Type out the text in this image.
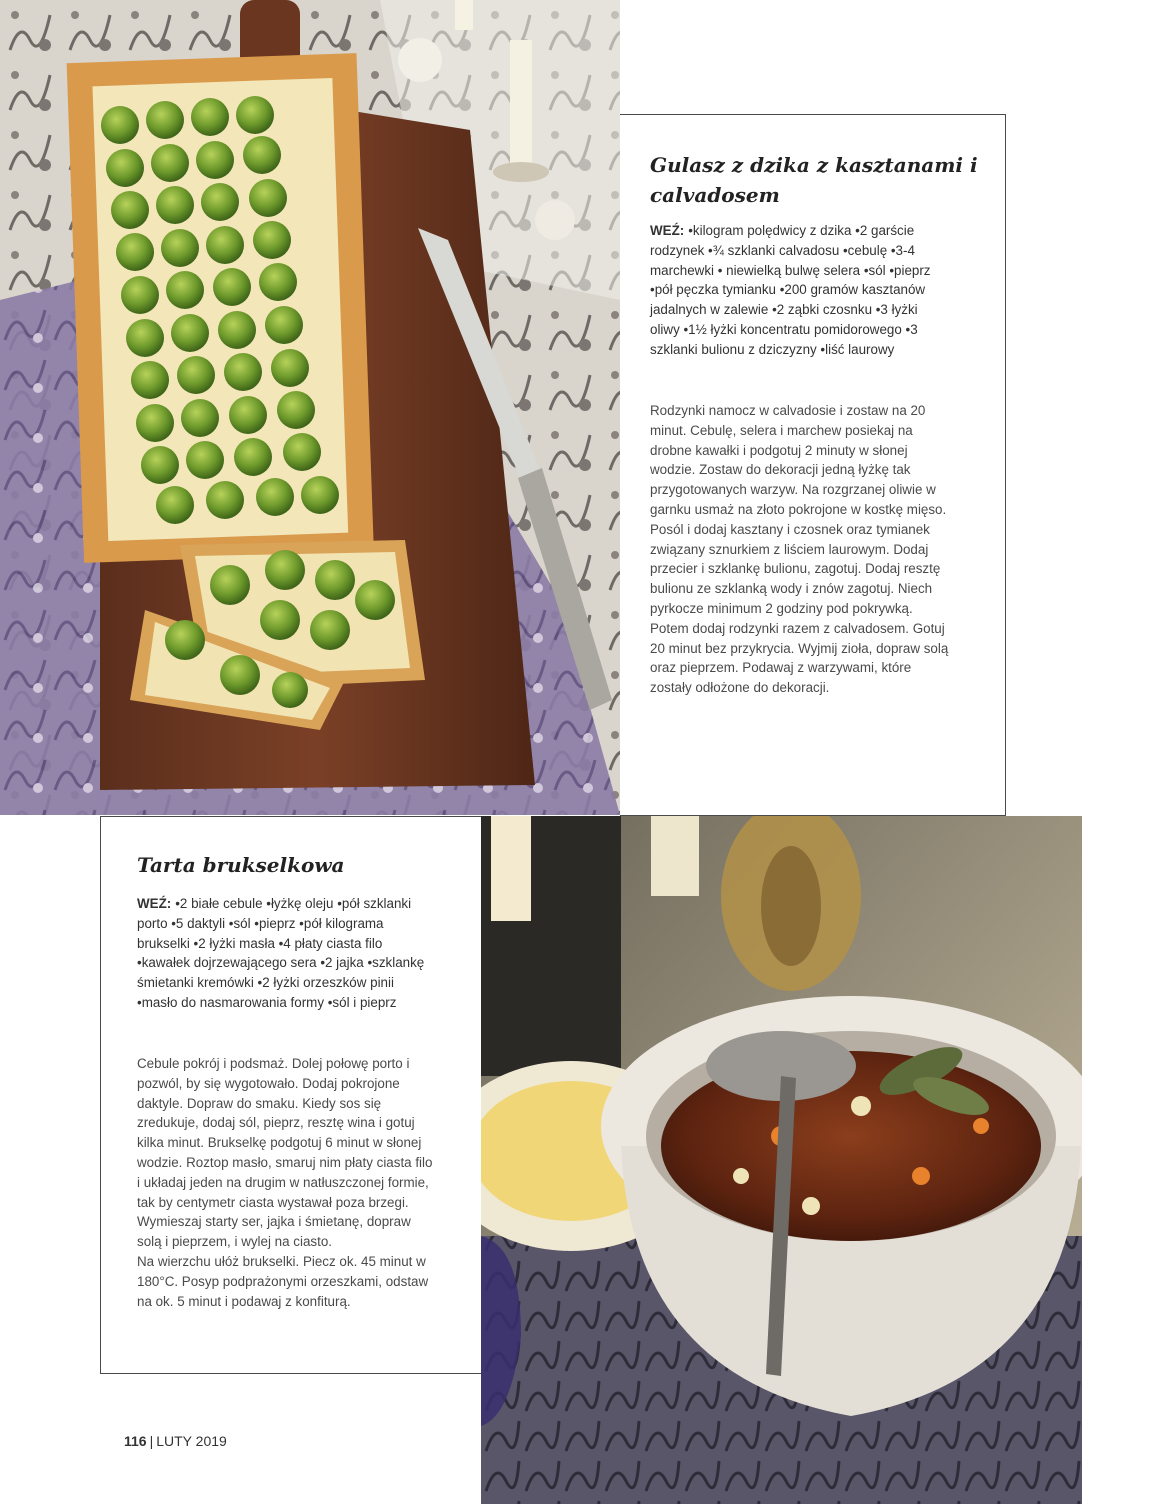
Gulasz z dzika z kasztanami i calvadosem

WEŹ: •kilogram polędwicy z dzika •2 garście rodzynek •¾ szklanki calvadosu •cebulę •3-4 marchewki • niewielką bulwę selera •sól •pieprz •pół pęczka tymianku •200 gramów kasztanów jadalnych w zalewie •2 ząbki czosnku •3 łyżki oliwy •1½ łyżki koncentratu pomidorowego •3 szklanki bulionu z dziczyzny •liść laurowy

Rodzynki namocz w calvadosie i zostaw na 20 minut. Cebulę, selera i marchew posiekaj na drobne kawałki i podgotuj 2 minuty w słonej wodzie. Zostaw do dekoracji jedną łyżkę tak przygotowanych warzyw. Na rozgrzanej oliwie w garnku usmaż na złoto pokrojone w kostkę mięso. Posól i dodaj kasztany i czosnek oraz tymianek związany sznurkiem z liściem laurowym. Dodaj przecier i szklankę bulionu, zagotuj. Dodaj resztę bulionu ze szklanką wody i znów zagotuj. Niech pyrkocze minimum 2 godziny pod pokrywką. Potem dodaj rodzynki razem z calvadosem. Gotuj 20 minut bez przykrycia. Wyjmij zioła, dopraw solą oraz pieprzem. Podawaj z warzywami, które zostały odłożone do dekoracji.

Tarta brukselkowa

WEŹ: •2 białe cebule •łyżkę oleju •pół szklanki porto •5 daktyli •sól •pieprz •pół kilograma brukselki •2 łyżki masła •4 płaty ciasta filo •kawałek dojrzewającego sera •2 jajka •szklankę śmietanki kremówki •2 łyżki orzeszków pinii •masło do nasmarowania formy •sól i pieprz

Cebule pokrój i podsmaż. Dolej połowę porto i pozwól, by się wygotowało. Dodaj pokrojone daktyle. Dopraw do smaku. Kiedy sos się zredukuje, dodaj sól, pieprz, resztę wina i gotuj kilka minut. Brukselkę podgotuj 6 minut w słonej wodzie. Roztop masło, smaruj nim płaty ciasta filo i układaj jeden na drugim w natłuszczonej formie, tak by centymetr ciasta wystawał poza brzegi. Wymieszaj starty ser, jajka i śmietanę, dopraw solą i pieprzem, i wylej na ciasto.

Na wierzchu ułóż brukselki. Piecz ok. 45 minut w 180°C. Posyp podprażonymi orzeszkami, odstaw na ok. 5 minut i podawaj z konfiturą.

116 | LUTY 2019
